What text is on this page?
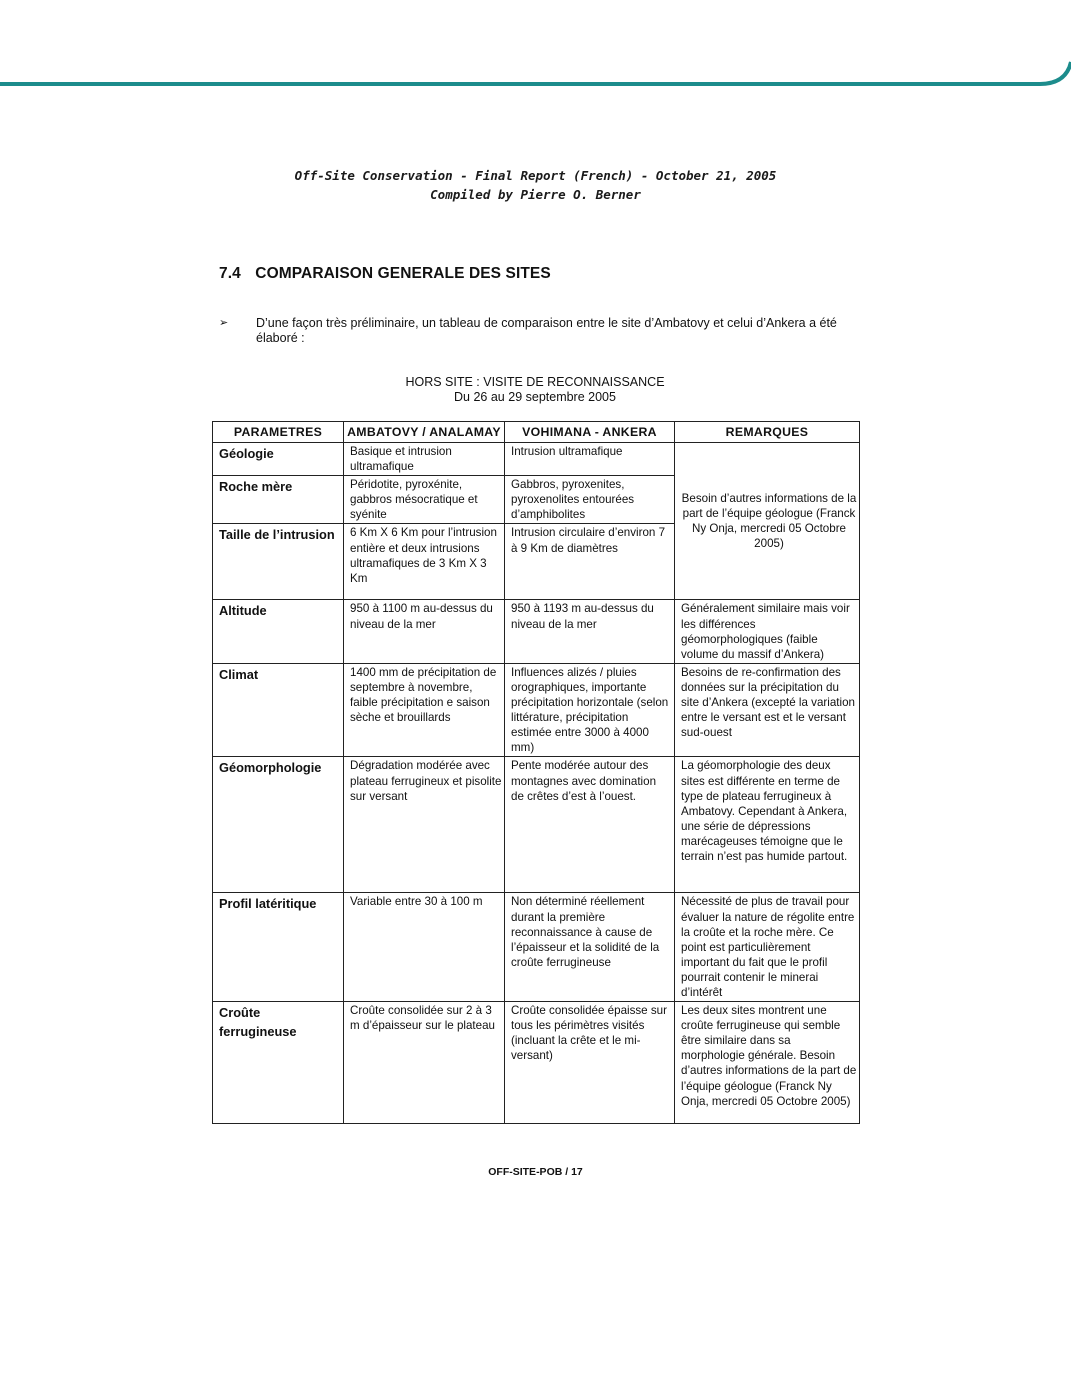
Off-Site Conservation - Final Report (French) - October 21, 2005
Compiled by Pierre O. Berner
7.4 COMPARAISON GENERALE DES SITES
➢ D’une façon très préliminaire, un tableau de comparaison entre le site d’Ambatovy et celui d’Ankera a été élaboré :
HORS SITE : VISITE DE RECONNAISSANCE
Du 26 au 29 septembre 2005
PARAMETRES	AMBATOVY / ANALAMAY	VOHIMANA - ANKERA	REMARQUES
Géologie	Basique et intrusion ultramafique	Intrusion ultramafique	Besoin d’autres informations de la part de l’équipe géologue (Franck Ny Onja, mercredi 05 Octobre 2005)
Roche mère	Péridotite, pyroxénite, gabbros mésocratique et syénite	Gabbros, pyroxenites, pyroxenolites entourées d’amphibolites	
Taille de l’intrusion	6 Km X 6 Km pour l’intrusion entière et deux intrusions ultramafiques de 3 Km X 3 Km	Intrusion circulaire d’environ 7 à 9 Km de diamètres	
Altitude	950 à 1100 m au-dessus du niveau de la mer	950 à 1193 m au-dessus du niveau de la mer	Généralement similaire mais voir les différences géomorphologiques (faible volume du massif d’Ankera)
Climat	1400 mm de précipitation de septembre à novembre, faible précipitation e saison sèche et brouillards	Influences alizés / pluies orographiques, importante précipitation horizontale (selon littérature, précipitation estimée entre 3000 à 4000 mm)	Besoins de re-confirmation des données sur la précipitation du site d’Ankera (excepté la variation entre le versant est et le versant sud-ouest
Géomorphologie	Dégradation modérée avec plateau ferrugineux et pisolite sur versant	Pente modérée autour des montagnes avec domination de crêtes d’est à l’ouest.	La géomorphologie des deux sites est différente en terme de type de plateau ferrugineux à Ambatovy. Cependant à Ankera, une série de dépressions marécageuses témoigne que le terrain n’est pas humide partout.
Profil latéritique	Variable entre 30 à 100 m	Non déterminé réellement durant la première reconnaissance à cause de l’épaisseur et la solidité de la croûte ferrugineuse	Nécessité de plus de travail pour évaluer la nature de régolite entre la croûte et la roche mère. Ce point est particulièrement important du fait que le profil pourrait contenir le minerai d’intérêt
Croûte ferrugineuse	Croûte consolidée sur 2 à 3 m d’épaisseur sur le plateau	Croûte consolidée épaisse sur tous les périmètres visités (incluant la crête et le mi-versant)	Les deux sites montrent une croûte ferrugineuse qui semble être similaire dans sa morphologie générale. Besoin d’autres informations de la part de l’équipe géologue (Franck Ny Onja, mercredi 05 Octobre 2005)
OFF-SITE-POB / 17
